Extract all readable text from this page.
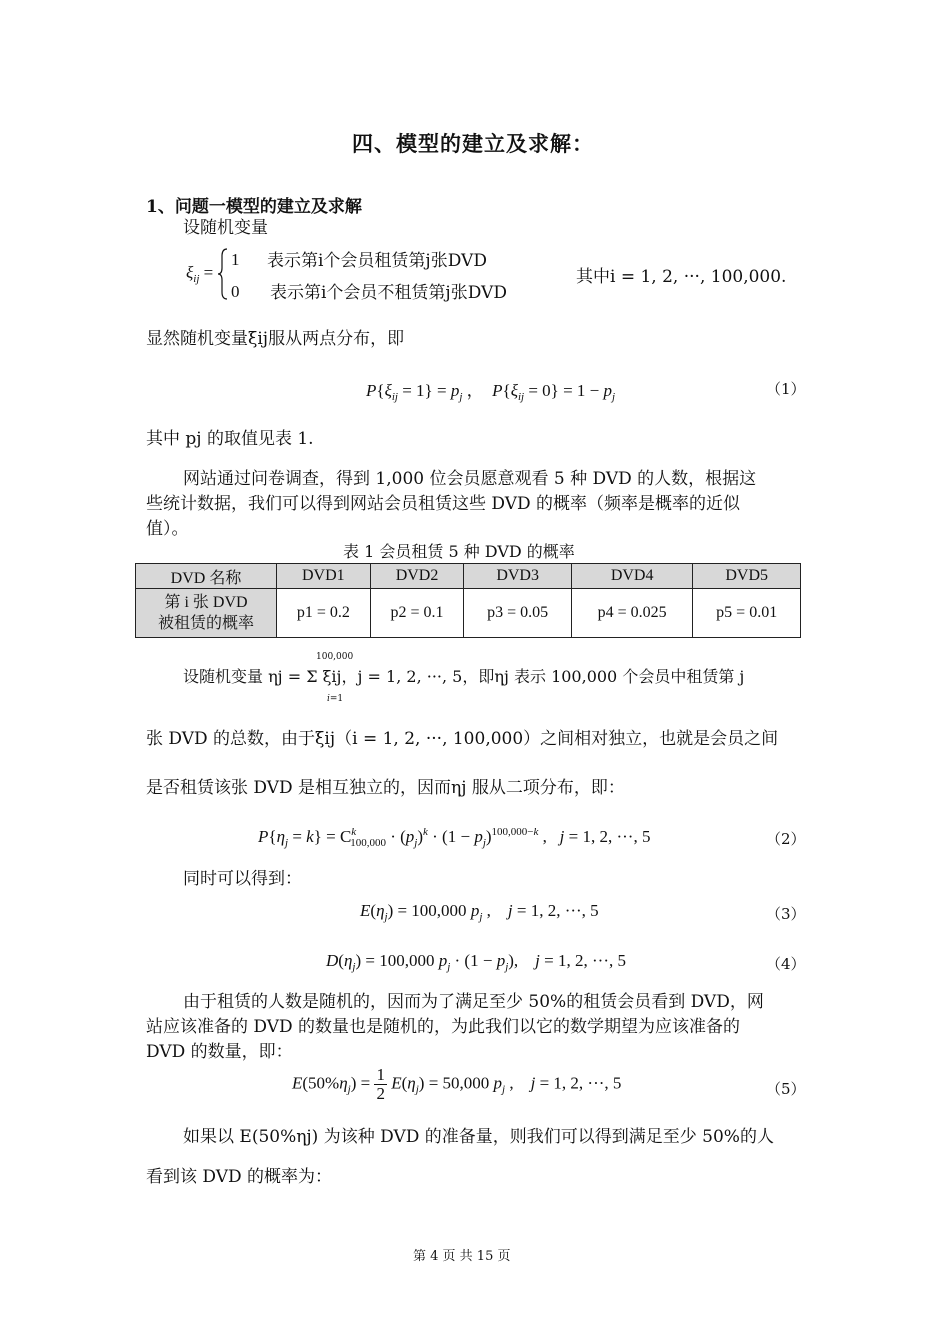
四、模型的建立及求解：
1、问题一模型的建立及求解
设随机变量
$\xi_{ij}$ =
1 表示第i个会员租赁第j张DVD
0 表示第i个会员不租赁第j张DVD
其中i = 1, 2, ···, 100,000.
显然随机变量ξij服从两点分布，即
$P\{\xi_{ij} = 1\} = p_j$ ，  $P\{\xi_{ij} = 0\} = 1 - p_j$	（1）
其中 pj 的取值见表 1.
网站通过问卷调查，得到 1,000 位会员愿意观看 5 种 DVD 的人数，根据这
些统计数据，我们可以得到网站会员租赁这些 DVD 的概率（频率是概率的近似
值）。
表 1 会员租赁 5 种 DVD 的概率
DVD 名称	DVD1	DVD2	DVD3	DVD4	DVD5

第 i 张 DVD
被租赁的概率	p1 = 0.2	p2 = 0.1	p3 = 0.05	p4 = 0.025	p5 = 0.01
设随机变量 ηj = Σ ξij，j = 1, 2, ···, 5，即ηj 表示 100,000 个会员中租赁第 j
100,000
i=1
张 DVD 的总数，由于ξij（i = 1, 2, ···, 100,000）之间相对独立，也就是会员之间
是否租赁该张 DVD 是相互独立的，因而ηj 服从二项分布，即：
$P\{\eta_j = k\} = C^k_{100,000} \cdot (p_j)^k \cdot (1 - p_j)^{100,000-k}$ ,   j = 1, 2, ···, 5	（2）
同时可以得到：
$E(\eta_j) = 100,000$ $p_j$ ,    j = 1, 2, ···, 5	（3）
$D(\eta_j) = 100,000$ $p_j \cdot (1 - p_j)$,    j = 1, 2, ···, 5	（4）
由于租赁的人数是随机的，因而为了满足至少 50%的租赁会员看到 DVD，网
站应该准备的 DVD 的数量也是随机的，为此我们以它的数学期望为应该准备的
DVD 的数量，即：
$E(50\%\eta_j) = \frac{1}{2} E(\eta_j) = 50,000$ $p_j$ ,    j = 1, 2, ···, 5	（5）
如果以 E(50%ηj) 为该种 DVD 的准备量，则我们可以得到满足至少 50%的人
看到该 DVD 的概率为：
第 4 页 共 15 页
